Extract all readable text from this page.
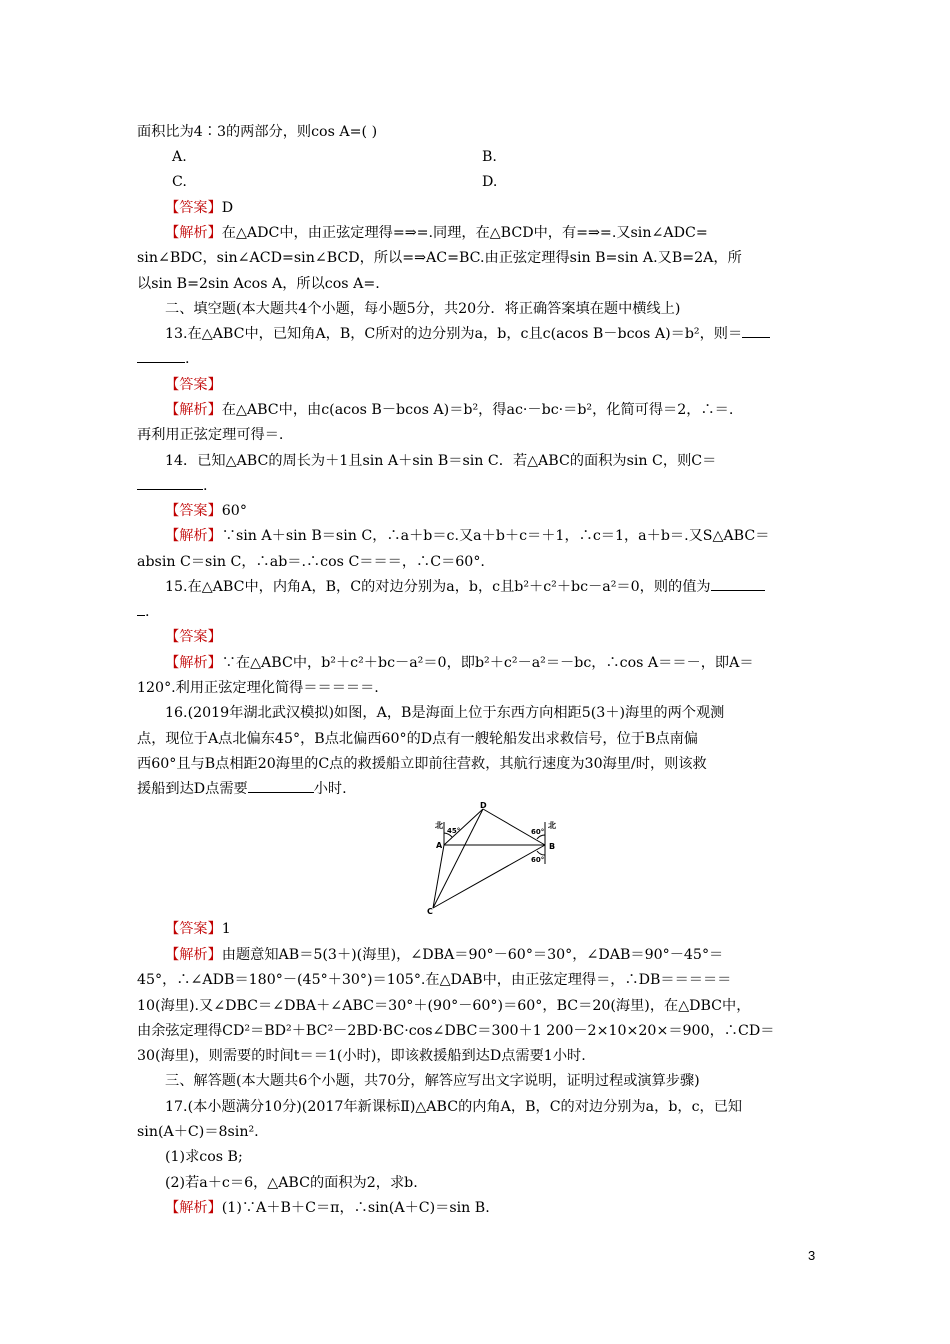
面积比为4∶3的两部分，则cos A=( )
A.	B.
C.	D.
【答案】D
【解析】在△ADC中，由正弦定理得=⇒=.同理，在△BCD中，有=⇒=.又sin∠ADC=
sin∠BDC，sin∠ACD=sin∠BCD，所以=⇒AC=BC.由正弦定理得sin B=sin A.又B=2A，所
以sin B=2sin Acos A，所以cos A=.
二、填空题(本大题共4个小题，每小题5分，共20分．将正确答案填在题中横线上)
13.在△ABC中，已知角A，B，C所对的边分别为a，b，c且c(acos B－bcos A)＝b²，则＝
.
【答案】
【解析】在△ABC中，由c(acos B－bcos A)＝b²，得ac·－bc·＝b²，化简可得＝2，∴＝.
再利用正弦定理可得＝.
14．已知△ABC的周长为＋1且sin A＋sin B＝sin C．若△ABC的面积为sin C，则C＝
.
【答案】60°
【解析】∵sin A＋sin B＝sin C，∴a＋b＝c.又a＋b＋c＝＋1，∴c＝1，a＋b＝.又S△ABC＝
absin C＝sin C，∴ab＝.∴cos C＝＝＝，∴C＝60°.
15.在△ABC中，内角A，B，C的对边分别为a，b，c且b²＋c²＋bc－a²＝0，则的值为
.
【答案】
【解析】∵在△ABC中，b²＋c²＋bc－a²＝0，即b²＋c²－a²＝－bc，∴cos A＝＝－，即A＝
120°.利用正弦定理化简得＝＝＝＝＝.
16.(2019年湖北武汉模拟)如图，A，B是海面上位于东西方向相距5(3＋)海里的两个观测
点，现位于A点北偏东45°，B点北偏西60°的D点有一艘轮船发出求救信号，位于B点南偏
西60°且与B点相距20海里的C点的救援船立即前往营救，其航行速度为30海里/时，则该救
援船到达D点需要	小时.
D
A	B
C
北	北
45°	60°
60°
【答案】1
【解析】由题意知AB＝5(3＋)(海里)，∠DBA＝90°－60°＝30°，∠DAB＝90°－45°＝
45°，∴∠ADB＝180°－(45°＋30°)＝105°.在△DAB中，由正弦定理得＝，∴DB＝＝＝＝＝
10(海里).又∠DBC＝∠DBA＋∠ABC＝30°＋(90°－60°)＝60°，BC＝20(海里)，在△DBC中，
由余弦定理得CD²＝BD²＋BC²－2BD·BC·cos∠DBC＝300＋1 200－2×10×20×＝900，∴CD＝
30(海里)，则需要的时间t＝＝1(小时)，即该救援船到达D点需要1小时.
三、解答题(本大题共6个小题，共70分，解答应写出文字说明，证明过程或演算步骤)
17.(本小题满分10分)(2017年新课标Ⅱ)△ABC的内角A，B，C的对边分别为a，b，c，已知
sin(A＋C)＝8sin².
(1)求cos B;
(2)若a＋c＝6，△ABC的面积为2，求b.
【解析】(1)∵A＋B＋C＝π，∴sin(A＋C)＝sin B.
3
